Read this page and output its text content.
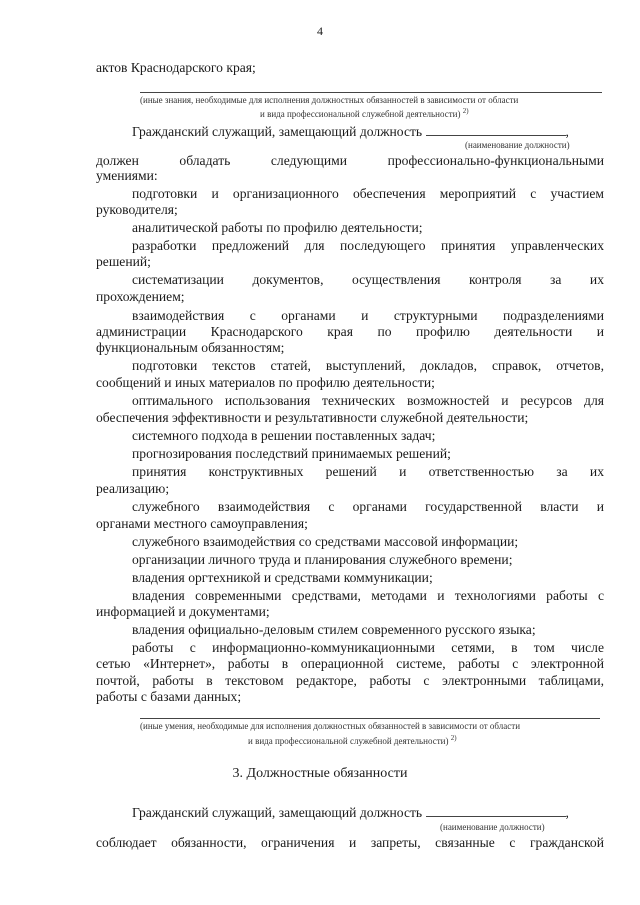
4
актов Краснодарского края;
(иные знания, необходимые для исполнения должностных обязанностей в зависимости от области
и вида профессиональной служебной деятельности) $^{2)}$
Гражданский служащий, замещающий должность	,
(наименование должности)
должен обладать следующими профессионально-функциональными
умениями:
подготовки и организационного обеспечения мероприятий с участием
руководителя;
аналитической работы по профилю деятельности;
разработки предложений для последующего принятия управленческих
решений;
систематизации документов, осуществления контроля за их
прохождением;
взаимодействия с органами и структурными подразделениями
администрации Краснодарского края по профилю деятельности и
функциональным обязанностям;
подготовки текстов статей, выступлений, докладов, справок, отчетов,
сообщений и иных материалов по профилю деятельности;
оптимального использования технических возможностей и ресурсов для
обеспечения эффективности и результативности служебной деятельности;
системного подхода в решении поставленных задач;
прогнозирования последствий принимаемых решений;
принятия конструктивных решений и ответственностью за их
реализацию;
служебного взаимодействия с органами государственной власти и
органами местного самоуправления;
служебного взаимодействия со средствами массовой информации;
организации личного труда и планирования служебного времени;
владения оргтехникой и средствами коммуникации;
владения современными средствами, методами и технологиями работы с
информацией и документами;
владения официально-деловым стилем современного русского языка;
работы с информационно-коммуникационными сетями, в том числе
сетью «Интернет», работы в операционной системе, работы с электронной
почтой, работы в текстовом редакторе, работы с электронными таблицами,
работы с базами данных;
(иные умения, необходимые для исполнения должностных обязанностей в зависимости от области
и вида профессиональной служебной деятельности) $^{2)}$
3. Должностные обязанности
Гражданский служащий, замещающий должность	,
(наименование должности)
соблюдает обязанности, ограничения и запреты, связанные с гражданской
